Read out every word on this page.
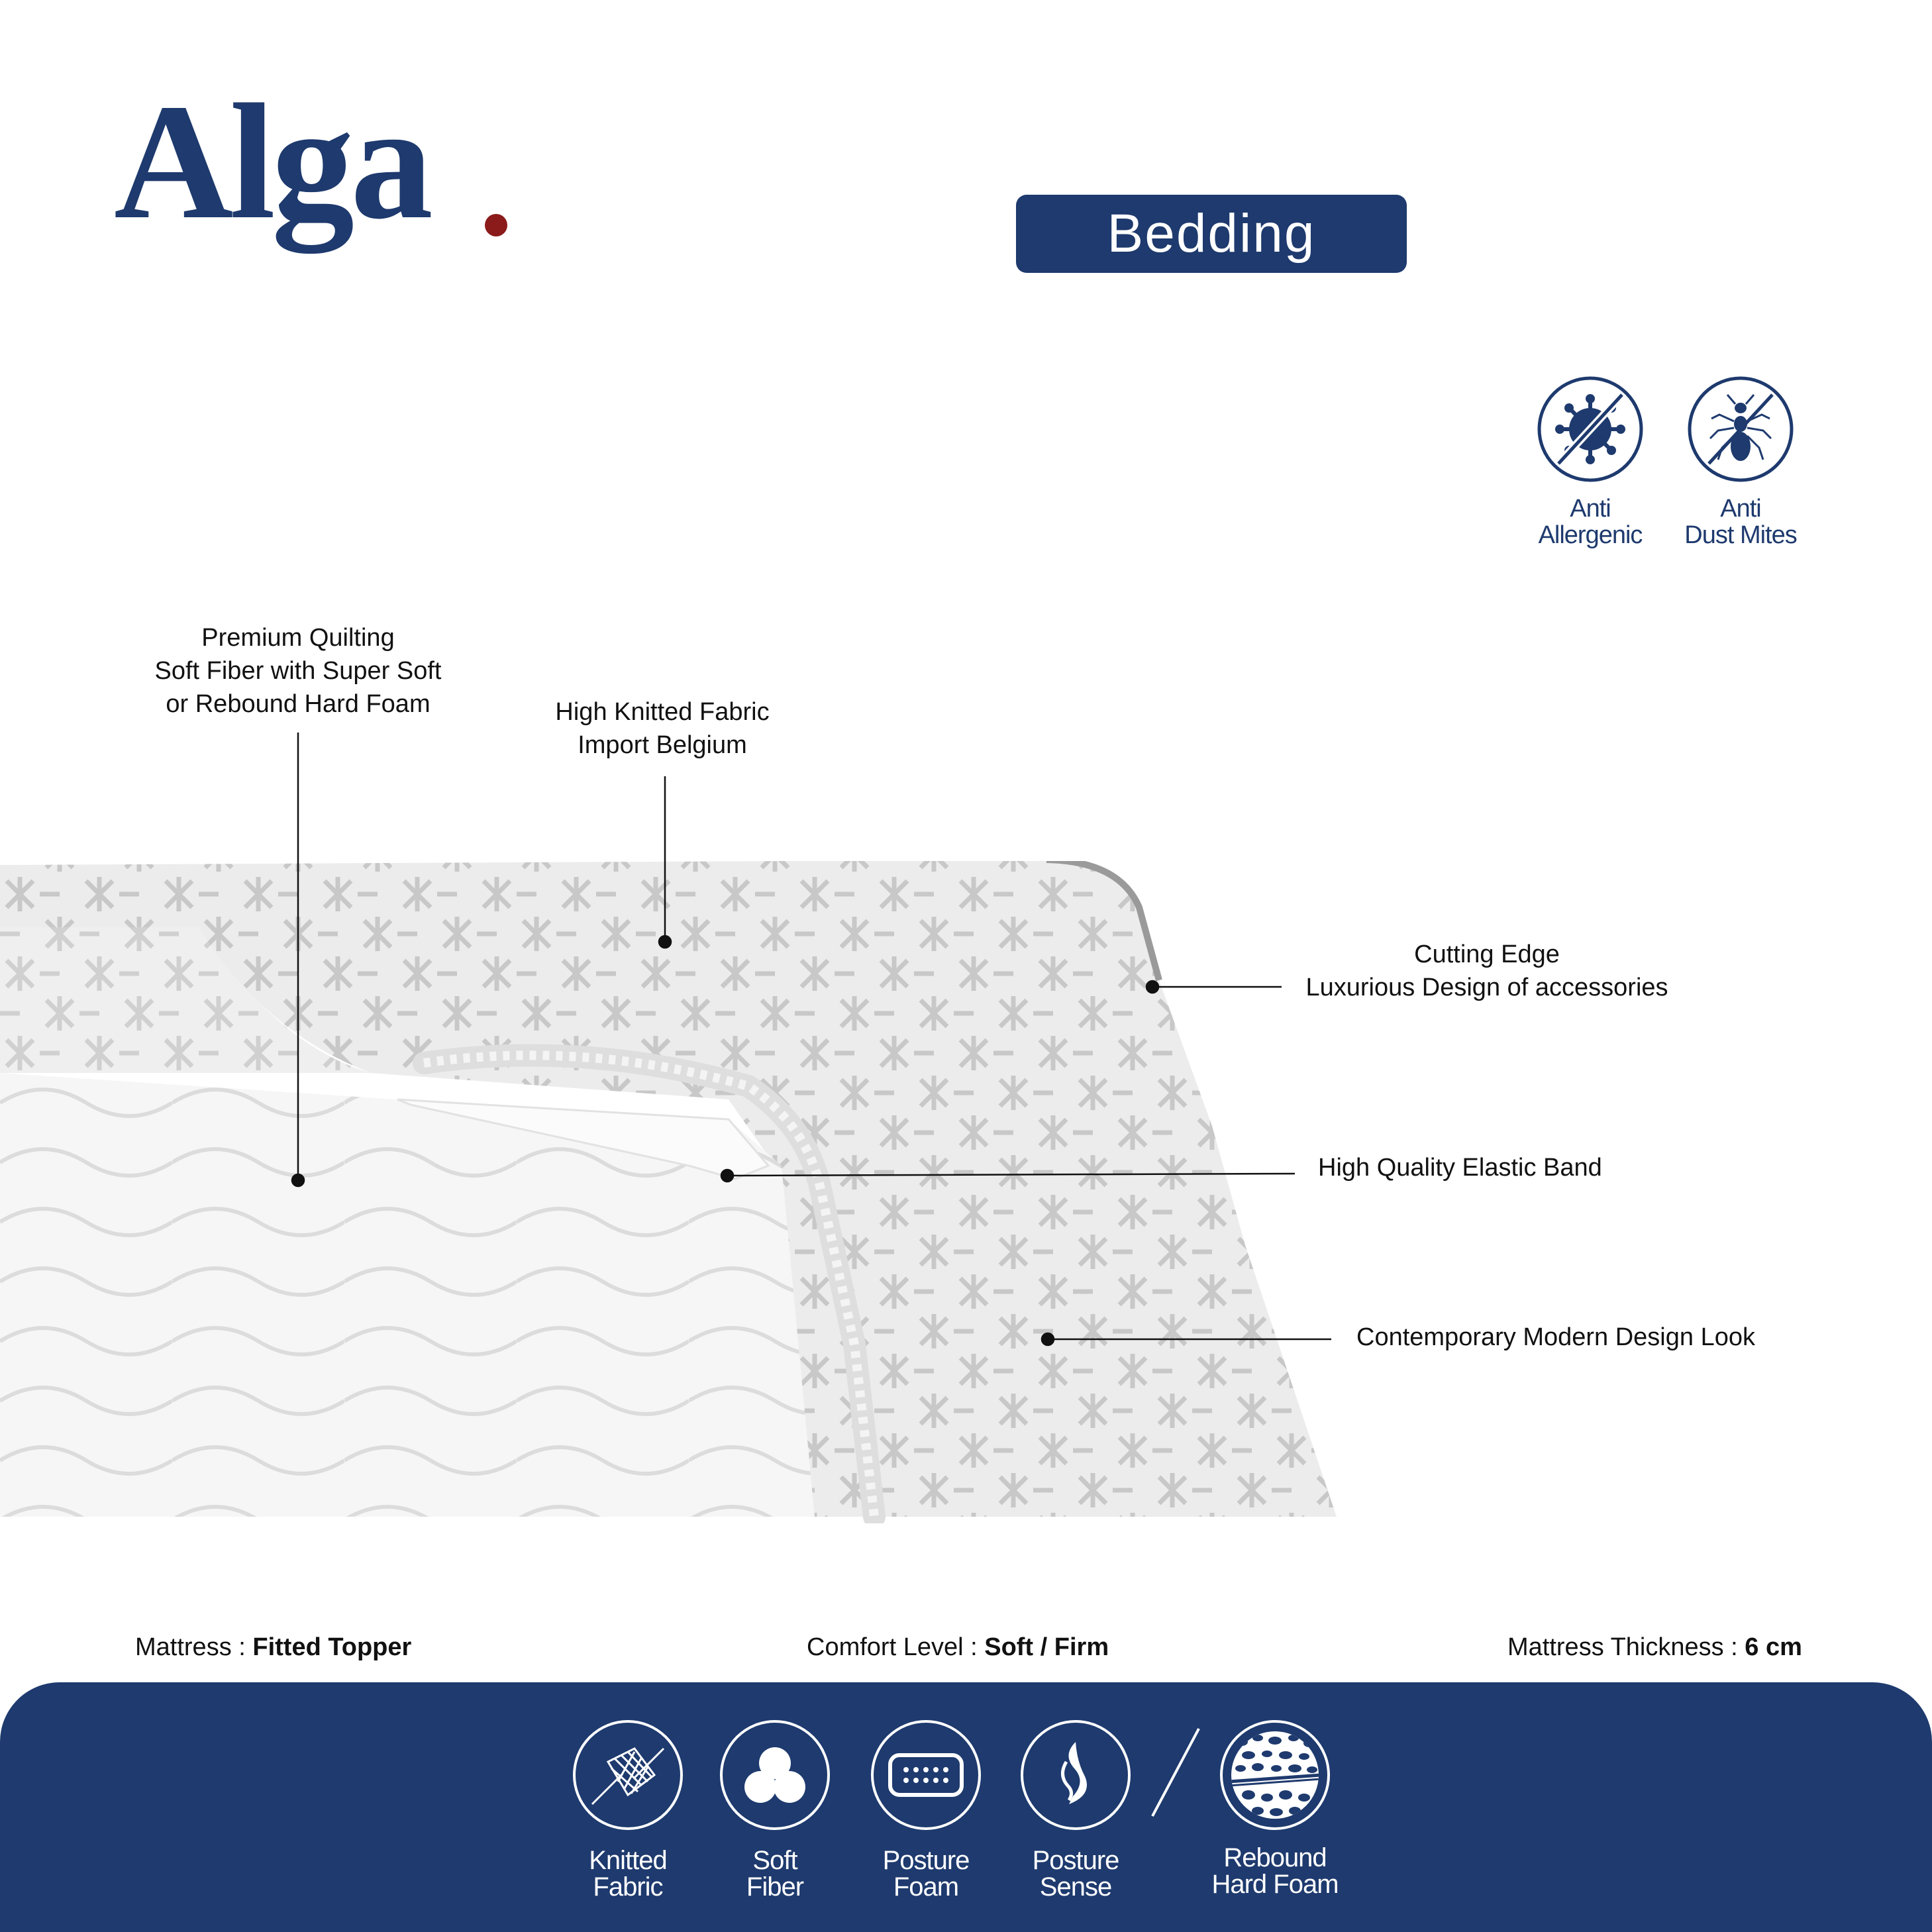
Alga	Bedding
Anti
Allergenic
Anti
Dust Mites
Premium Quilting
Soft Fiber with Super Soft
or Rebound Hard Foam	High Knitted Fabric
Import Belgium
Cutting Edge
Luxurious Design of accessories
High Quality Elastic Band
Contemporary Modern Design Look
Mattress : Fitted Topper	Comfort Level : Soft / Firm	Mattress Thickness : 6 cm
Knitted
Fabric
Soft
Fiber
Posture
Foam
Posture
Sense
Rebound
Hard Foam
